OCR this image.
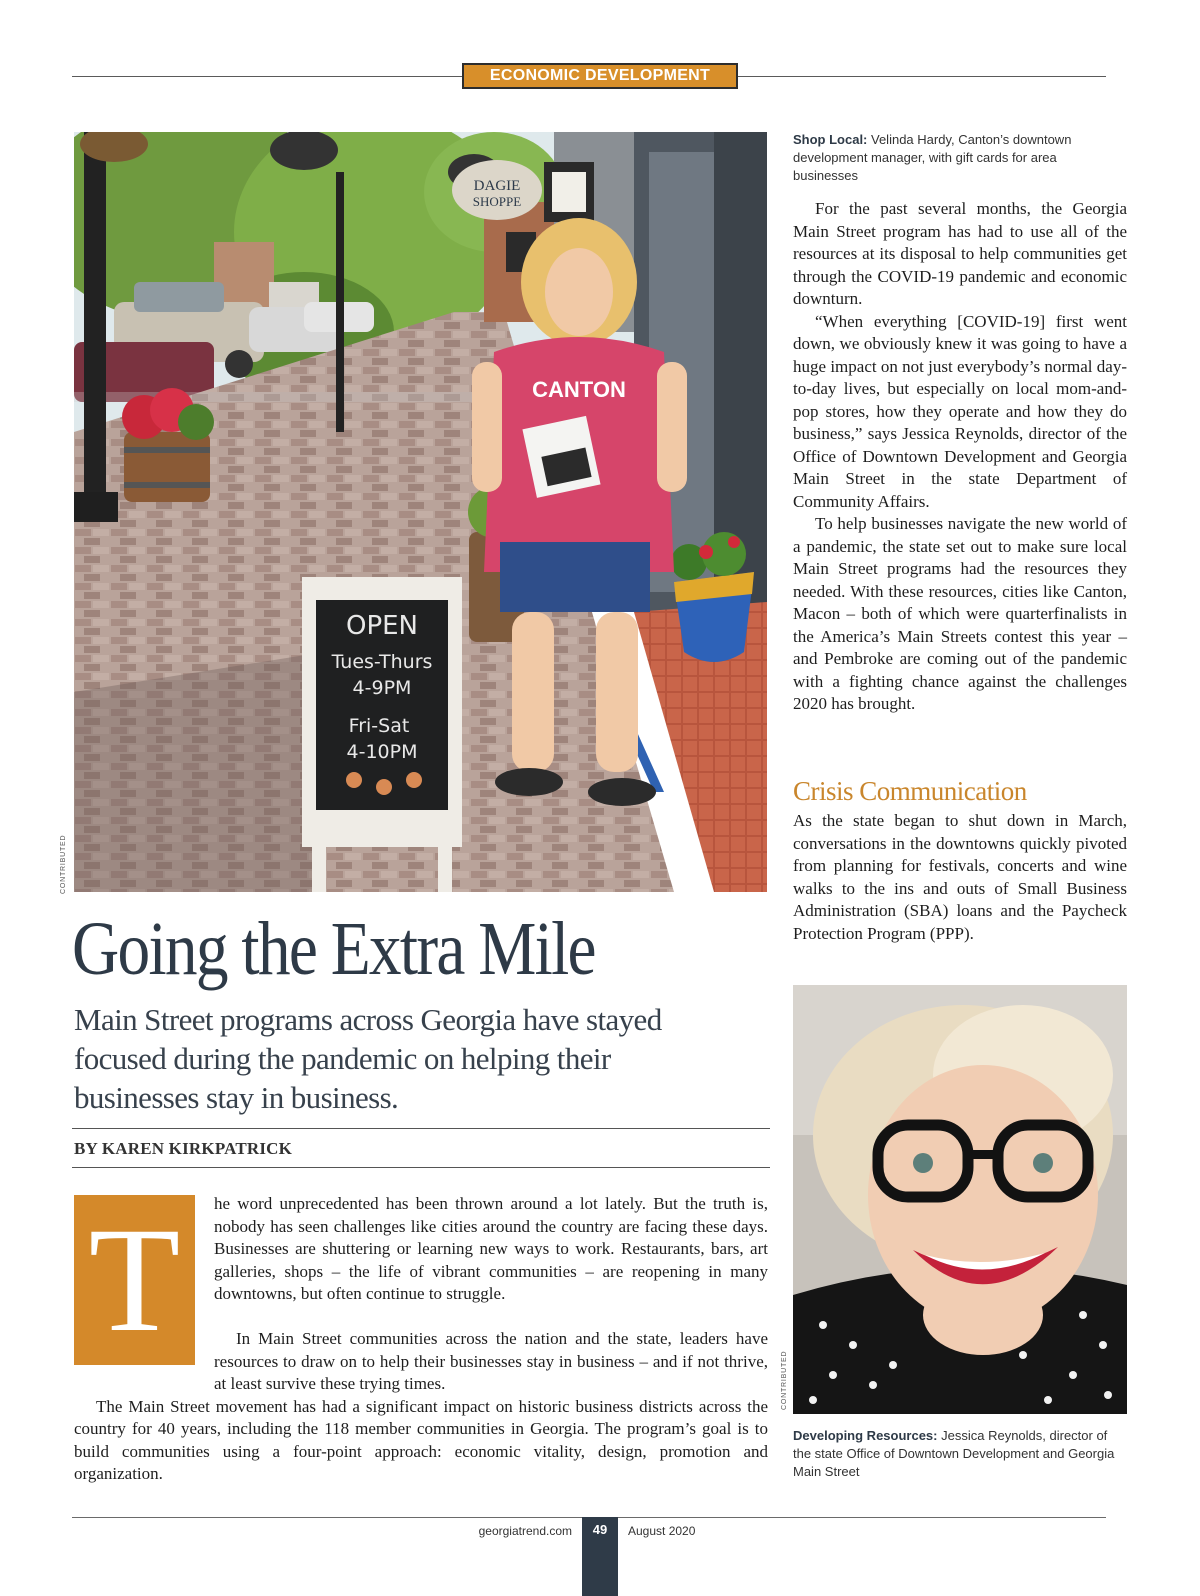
ECONOMIC DEVELOPMENT
DAGIE
SHOPPE
CANTON
OPEN
Tues-Thurs
4-9PM
Fri-Sat
4-10PM
CONTRIBUTED
Shop Local: Velinda Hardy, Canton’s downtown development manager, with gift cards for area businesses

For the past several months, the Georgia Main Street program has had to use all of the resources at its disposal to help communities get through the COVID-19 pandemic and economic downturn.

“When everything [COVID-19] first went down, we obviously knew it was going to have a huge impact on not just everybody’s normal day-to-day lives, but especially on local mom-and-pop stores, how they operate and how they do business,” says Jessica Reynolds, director of the Office of Downtown Development and Georgia Main Street in the state Department of Community Affairs.

To help businesses navigate the new world of a pandemic, the state set out to make sure local Main Street programs had the resources they needed. With these resources, cities like Canton, Macon – both of which were quarterfinalists in the America’s Main Streets contest this year – and Pembroke are coming out of the pandemic with a fighting chance against the challenges 2020 has brought.

Crisis Communication

As the state began to shut down in March, conversations in the downtowns quickly pivoted from planning for festivals, concerts and wine walks to the ins and outs of Small Business Administration (SBA) loans and the Paycheck Protection Program (PPP).

CONTRIBUTED
Developing Resources: Jessica Reynolds, director of the state Office of Downtown Development and Georgia Main Street
Going the Extra Mile
Main Street programs across Georgia have stayed focused during the pandemic on helping their businesses stay in business.
BY KAREN KIRKPATRICK
T	he word unprecedented has been thrown around a lot lately. But the truth is, nobody has seen challenges like cities around the country are facing these days. Businesses are shuttering or learning new ways to work. Restaurants, bars, art galleries, shops – the life of vibrant communities – are reopening in many downtowns, but often continue to struggle.

In Main Street communities across the nation and the state, leaders have resources to draw on to help their businesses stay in business – and if not thrive, at least survive these trying times.

The Main Street movement has had a significant impact on historic business districts across the country for 40 years, including the 118 member communities in Georgia. The program’s goal is to build communities using a four-point approach: economic vitality, design, promotion and organization.

49
georgiatrend.com	August 2020
